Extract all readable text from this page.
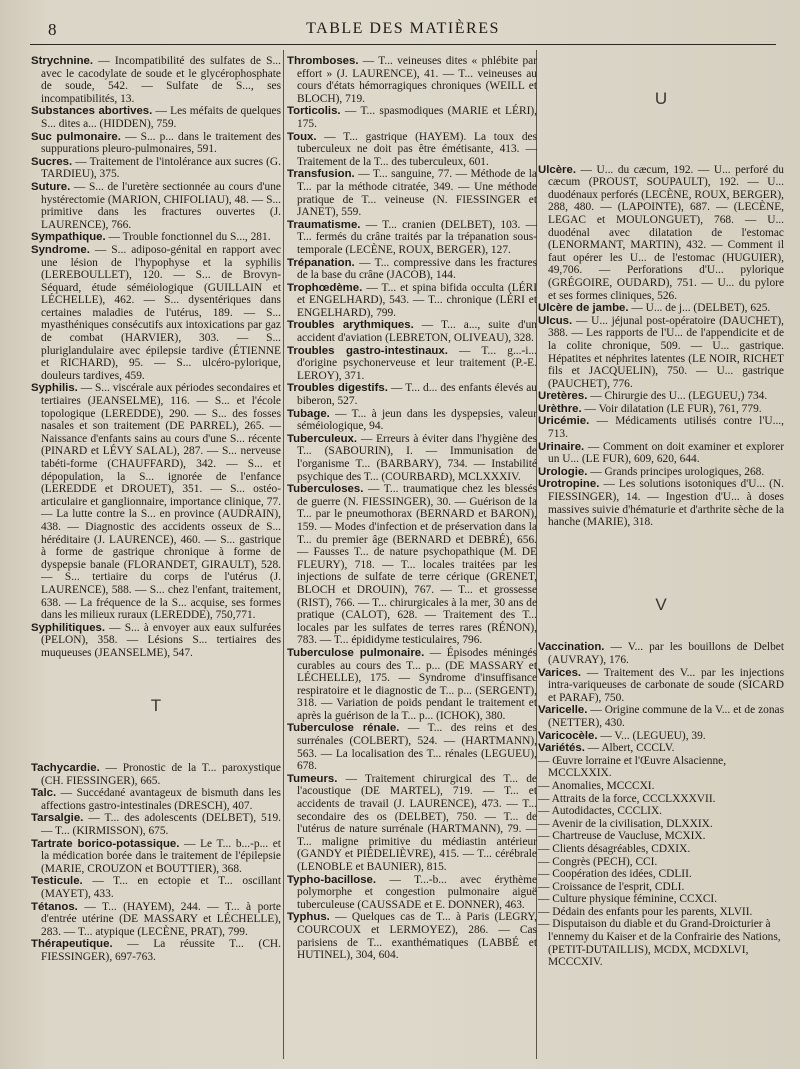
8	TABLE DES MATIÈRES

Strychnine. — Incompatibilité des sulfates de S... avec le cacodylate de soude et le glycérophosphate de soude, 542. — Sulfate de S..., ses incompatibilités, 13.

Substances abortives. — Les méfaits de quelques S... dites a... (HIDDEN), 759.

Suc pulmonaire. — S... p... dans le traitement des suppurations pleuro-pulmonaires, 591.

Sucres. — Traitement de l'intolérance aux sucres (G. TARDIEU), 375.

Suture. — S... de l'uretère sectionnée au cours d'une hystérectomie (MARION, CHIFOLIAU), 48. — S... primitive dans les fractures ouvertes (J. LAURENCE), 766.

Sympathique. — Trouble fonctionnel du S..., 281.

Syndrome. — S... adiposo-génital en rapport avec une lésion de l'hypophyse et la syphilis (LEREBOULLET), 120. — S... de Brovyn-Séquard, étude séméiologique (GUILLAIN et LÉCHELLE), 462. — S... dysentériques dans certaines maladies de l'utérus, 189. — S... myasthéniques consécutifs aux intoxications par gaz de combat (HARVIER), 303. — S... pluriglandulaire avec épilepsie tardive (ÉTIENNE et RICHARD), 95. — S... ulcéro-pylorique, douleurs tardives, 459.

Syphilis. — S... viscérale aux périodes secondaires et tertiaires (JEANSELME), 116. — S... et l'école topologique (LEREDDE), 290. — S... des fosses nasales et son traitement (DE PARREL), 265. — Naissance d'enfants sains au cours d'une S... récente (PINARD et LÉVY SALAL), 287. — S... nerveuse tabéti-forme (CHAUFFARD), 342. — S... et dépopulation, la S... ignorée de l'enfance (LEREDDE et DROUET), 351. — S... ostéo-articulaire et ganglionnaire, importance clinique, 77. — La lutte contre la S... en province (AUDRAIN), 438. — Diagnostic des accidents osseux de S... héréditaire (J. LAURENCE), 460. — S... gastrique à forme de gastrique chronique à forme de dyspepsie banale (FLORANDET, GIRAULT), 528. — S... tertiaire du corps de l'utérus (J. LAURENCE), 588. — S... chez l'enfant, traitement, 638. — La fréquence de la S... acquise, ses formes dans les milieux ruraux (LEREDDE), 750,771.

Syphilitiques. — S... à envoyer aux eaux sulfurées (PELON), 358. — Lésions S... tertiaires des muqueuses (JEANSELME), 547.

T

Tachycardie. — Pronostic de la T... paroxystique (CH. FIESSINGER), 665.

Talc. — Succédané avantageux de bismuth dans les affections gastro-intestinales (DRESCH), 407.

Tarsalgie. — T... des adolescents (DELBET), 519. — T... (KIRMISSON), 675.

Tartrate borico-potassique. — Le T... b...-p... et la médication borée dans le traitement de l'épilepsie (MARIE, CROUZON et BOUTTIER), 368.

Testicule. — T... en ectopie et T... oscillant (MAYET), 433.

Tétanos. — T... (HAYEM), 244. — T... à porte d'entrée utérine (DE MASSARY et LÉCHELLE), 283. — T... atypique (LECÈNE, PRAT), 799.

Thérapeutique. — La réussite T... (CH. FIESSINGER), 697-763.

Thromboses. — T... veineuses dites « phlébite par effort » (J. LAURENCE), 41. — T... veineuses au cours d'états hémorragiques chroniques (WEILL et BLOCH), 719.

Torticolis. — T... spasmodiques (MARIE et LÉRI), 175.

Toux. — T... gastrique (HAYEM). La toux des tuberculeux ne doit pas être émétisante, 413. — Traitement de la T... des tuberculeux, 601.

Transfusion. — T... sanguine, 77. — Méthode de la T... par la méthode citratée, 349. — Une méthode pratique de T... veineuse (N. FIESSINGER et JANET), 559.

Traumatisme. — T... cranien (DELBET), 103. — T... fermés du crâne traités par la trépanation sous-temporale (LECÈNE, ROUX, BERGER), 127.

Trépanation. — T... compressive dans les fractures de la base du crâne (JACOB), 144.

Trophœdème. — T... et spina bifida occulta (LÉRI et ENGELHARD), 543. — T... chronique (LÉRI et ENGELHARD), 799.

Troubles arythmiques. — T... a..., suite d'un accident d'aviation (LEBRETON, OLIVEAU), 328.

Troubles gastro-intestinaux. — T... g...-i... d'origine psychonerveuse et leur traitement (P.-E. LEROY), 371.

Troubles digestifs. — T... d... des enfants élevés au biberon, 527.

Tubage. — T... à jeun dans les dyspepsies, valeur séméiologique, 94.

Tuberculeux. — Erreurs à éviter dans l'hygiène des T... (SABOURIN), I. — Immunisation de l'organisme T... (BARBARY), 734. — Instabilité psychique des T... (COURBARD), MCLXXXIV.

Tuberculoses. — T... traumatique chez les blessés de guerre (N. FIESSINGER), 30. — Guérison de la T... par le pneumothorax (BERNARD et BARON), 159. — Modes d'infection et de préservation dans la T... du premier âge (BERNARD et DEBRÉ), 656. — Fausses T... de nature psychopathique (M. DE FLEURY), 718. — T... locales traitées par les injections de sulfate de terre cérique (GRENET, BLOCH et DROUIN), 767. — T... et grossesse (RIST), 766. — T... chirurgicales à la mer, 30 ans de pratique (CALOT), 628. — Traitement des T... locales par les sulfates de terres rares (RÉNON), 783. — T... épididyme testiculaires, 796.

Tuberculose pulmonaire. — Épisodes méningés curables au cours des T... p... (DE MASSARY et LÉCHELLE), 175. — Syndrome d'insuffisance respiratoire et le diagnostic de T... p... (SERGENT), 318. — Variation de poids pendant le traitement et après la guérison de la T... p... (ICHOK), 380.

Tuberculose rénale. — T... des reins et des surrénales (COLBERT), 524. — (HARTMANN), 563. — La localisation des T... rénales (LEGUEU), 678.

Tumeurs. — Traitement chirurgical des T... de l'acoustique (DE MARTEL), 719. — T... et accidents de travail (J. LAURENCE), 473. — T... secondaire des os (DELBET), 750. — T... de l'utérus de nature surrénale (HARTMANN), 79. — T... maligne primitive du médiastin antérieur (GANDY et PIÉDELIÈVRE), 415. — T... cérébrale (LENOBLE et BAUNIER), 815.

Typho-bacillose. — T...-b... avec érythème polymorphe et congestion pulmonaire aiguë tuberculeuse (CAUSSADE et E. DONNER), 463.

Typhus. — Quelques cas de T... à Paris (LEGRY, COURCOUX et LERMOYEZ), 286. — Cas parisiens de T... exanthématiques (LABBÉ et HUTINEL), 304, 604.

U

Ulcère. — U... du cæcum, 192. — U... perforé du cæcum (PROUST, SOUPAULT), 192. — U... duodénaux perforés (LECÈNE, ROUX, BERGER), 288, 480. — (LAPOINTE), 687. — (LECÈNE, LEGAC et MOULONGUET), 768. — U... duodénal avec dilatation de l'estomac (LENORMANT, MARTIN), 432. — Comment il faut opérer les U... de l'estomac (HUGUIER), 49,706. — Perforations d'U... pylorique (GRÉGOIRE, OUDARD), 751. — U... du pylore et ses formes cliniques, 526.

Ulcère de jambe. — U... de j... (DELBET), 625.

Ulcus. — U... jéjunal post-opératoire (DAUCHET), 388. — Les rapports de l'U... de l'appendicite et de la colite chronique, 509. — U... gastrique. Hépatites et néphrites latentes (LE NOIR, RICHET fils et JACQUELIN), 750. — U... gastrique (PAUCHET), 776.

Uretères. — Chirurgie des U... (LEGUEU,) 734.

Urèthre. — Voir dilatation (LE FUR), 761, 779.

Uricémie. — Médicaments utilisés contre l'U..., 713.

Urinaire. — Comment on doit examiner et explorer un U... (LE FUR), 609, 620, 644.

Urologie. — Grands principes urologiques, 268.

Urotropine. — Les solutions isotoniques d'U... (N. FIESSINGER), 14. — Ingestion d'U... à doses massives suivie d'hématurie et d'arthrite sèche de la hanche (MARIE), 318.

V

Vaccination. — V... par les bouillons de Delbet (AUVRAY), 176.

Varices. — Traitement des V... par les injections intra-variqueuses de carbonate de soude (SICARD et PARAF), 750.

Varicelle. — Origine commune de la V... et de zonas (NETTER), 430.

Varicocèle. — V... (LEGUEU), 39.

Variétés. — Albert, CCCLV.

— Œuvre lorraine et l'Œuvre Alsacienne, MCCLXXIX.

— Anomalies, MCCCXI.

— Attraits de la force, CCCLXXXVII.

— Autodidactes, CCCLIX.

— Avenir de la civilisation, DLXXIX.

— Chartreuse de Vaucluse, MCXIX.

— Clients désagréables, CDXIX.

— Congrès (PECH), CCI.

— Coopération des idées, CDLII.

— Croissance de l'esprit, CDLI.

— Culture physique féminine, CCXCI.

— Dédain des enfants pour les parents, XLVII.

— Disputaison du diable et du Grand-Droicturier à l'ennemy du Kaiser et de la Confrairie des Nations, (PETIT-DUTAILLIS), MCDX, MCDXLVI, MCCCXIV.
